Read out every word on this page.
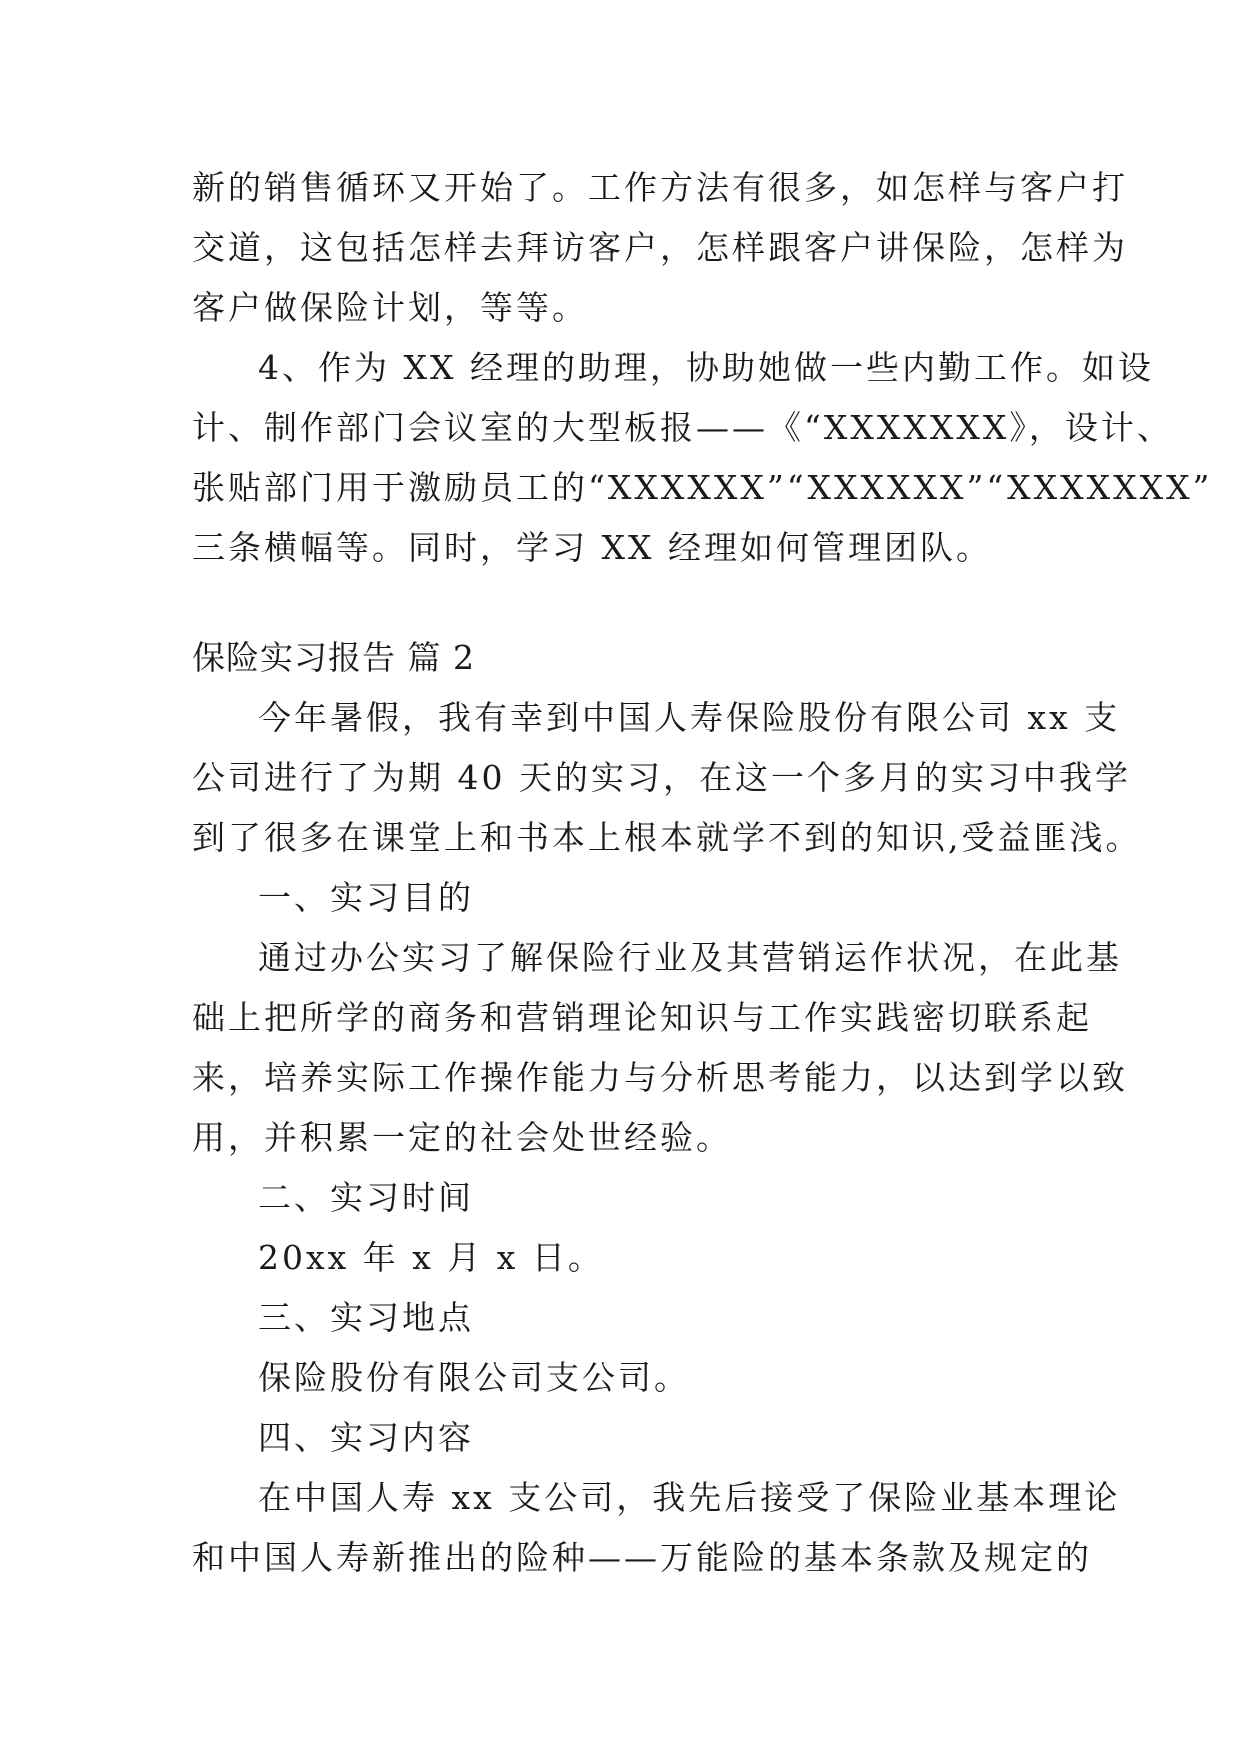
新的销售循环又开始了。工作方法有很多，如怎样与客户打
交道，这包括怎样去拜访客户，怎样跟客户讲保险，怎样为
客户做保险计划，等等。
4、作为 XX 经理的助理，协助她做一些内勤工作。如设
计、制作部门会议室的大型板报——《“XXXXXXX》，设计、
张贴部门用于激励员工的“XXXXXX”“XXXXXX”“XXXXXXX”
三条横幅等。同时，学习 XX 经理如何管理团队。
保险实习报告 篇 2
今年暑假，我有幸到中国人寿保险股份有限公司 xx 支
公司进行了为期 40 天的实习，在这一个多月的实习中我学
到了很多在课堂上和书本上根本就学不到的知识,受益匪浅。
一、实习目的
通过办公实习了解保险行业及其营销运作状况，在此基
础上把所学的商务和营销理论知识与工作实践密切联系起
来，培养实际工作操作能力与分析思考能力，以达到学以致
用，并积累一定的社会处世经验。
二、实习时间
20xx 年 x 月 x 日。
三、实习地点
保险股份有限公司支公司。
四、实习内容
在中国人寿 xx 支公司，我先后接受了保险业基本理论
和中国人寿新推出的险种——万能险的基本条款及规定的
